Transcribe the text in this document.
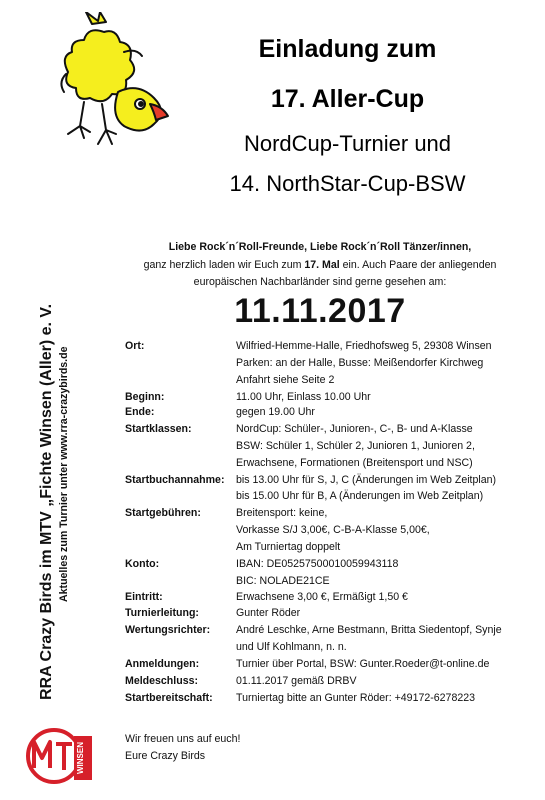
Einladung zum
17. Aller-Cup
NordCup-Turnier und
14. NorthStar-Cup-BSW
RRA Crazy Birds im MTV „Fichte Winsen (Aller) e. V. Aktuelles zum Turnier unter www.rra-crazybirds.de
Liebe Rock´n´Roll-Freunde, Liebe Rock´n´Roll Tänzer/innen,
ganz herzlich laden wir Euch zum 17. Mal ein. Auch Paare der anliegenden
europäischen Nachbarländer sind gerne gesehen am:
11.11.2017
Ort:	Wilfried-Hemme-Halle, Friedhofsweg 5, 29308 Winsen
Parken: an der Halle, Busse: Meißendorfer Kirchweg
Anfahrt siehe Seite 2
Beginn:	11.00 Uhr, Einlass 10.00 Uhr
Ende:	gegen 19.00 Uhr
Startklassen:	NordCup: Schüler-, Junioren-, C-, B- und A-Klasse
BSW: Schüler 1, Schüler 2, Junioren 1, Junioren 2,
Erwachsene, Formationen (Breitensport und NSC)
Startbuchannahme: bis 13.00 Uhr für S, J, C (Änderungen im Web Zeitplan)
bis 15.00 Uhr für B, A (Änderungen im Web Zeitplan)
Startgebühren:	Breitensport: keine,
Vorkasse S/J 3,00€, C-B-A-Klasse 5,00€,
Am Turniertag doppelt
Konto:	IBAN: DE05257500010059943118
BIC: NOLADE21CE
Eintritt:	Erwachsene 3,00 €, Ermäßigt 1,50 €
Turnierleitung:	Gunter Röder
Wertungsrichter: André Leschke, Arne Bestmann, Britta Siedentopf, Synje
und Ulf Kohlmann, n. n.
Anmeldungen:	Turnier über Portal, BSW: Gunter.Roeder@t-online.de
Meldeschluss:	01.11.2017 gemäß DRBV
Startbereitschaft: Turniertag bitte an Gunter Röder: +49172-6278223
Wir freuen uns auf euch!
Eure Crazy Birds
WINSEN
